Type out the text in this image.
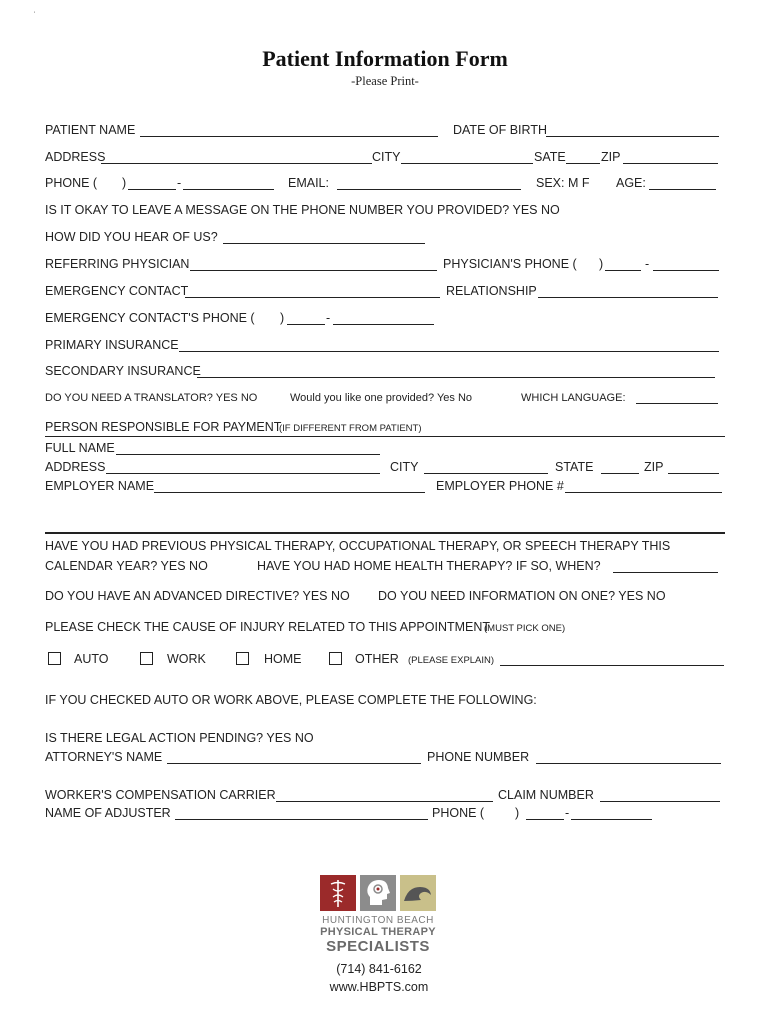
'
Patient Information Form
-Please Print-
PATIENT NAME	DATE OF BIRTH
ADDRESS	CITY	SATE	ZIP
PHONE ( )	-	EMAIL:	SEX: M F AGE:
IS IT OKAY TO LEAVE A MESSAGE ON THE PHONE NUMBER YOU PROVIDED? YES NO
HOW DID YOU HEAR OF US?
REFERRING PHYSICIAN	PHYSICIAN'S PHONE ( )	-
EMERGENCY CONTACT	RELATIONSHIP
EMERGENCY CONTACT'S PHONE ( )	-
PRIMARY INSURANCE
SECONDARY INSURANCE
DO YOU NEED A TRANSLATOR? YES NO	Would you like one provided? Yes No	WHICH LANGUAGE:
PERSON RESPONSIBLE FOR PAYMENT
(IF DIFFERENT FROM PATIENT)
FULL NAME
ADDRESS	CITY	STATE	ZIP
EMPLOYER NAME	EMPLOYER PHONE #
HAVE YOU HAD PREVIOUS PHYSICAL THERAPY, OCCUPATIONAL THERAPY, OR SPEECH THERAPY THIS
CALENDAR YEAR? YES NO	HAVE YOU HAD HOME HEALTH THERAPY? IF SO, WHEN?
DO YOU HAVE AN ADVANCED DIRECTIVE? YES NO DO YOU NEED INFORMATION ON ONE? YES NO
PLEASE CHECK THE CAUSE OF INJURY RELATED TO THIS APPOINTMENT
(MUST PICK ONE)
AUTO	WORK	HOME	OTHER (PLEASE EXPLAIN)
IF YOU CHECKED AUTO OR WORK ABOVE, PLEASE COMPLETE THE FOLLOWING:
IS THERE LEGAL ACTION PENDING? YES NO
ATTORNEY'S NAME	PHONE NUMBER
WORKER'S COMPENSATION CARRIER	CLAIM NUMBER
NAME OF ADJUSTER	PHONE ( )	-
HUNTINGTON BEACH
PHYSICAL THERAPY
SPECIALISTS
(714) 841-6162
www.HBPTS.com
